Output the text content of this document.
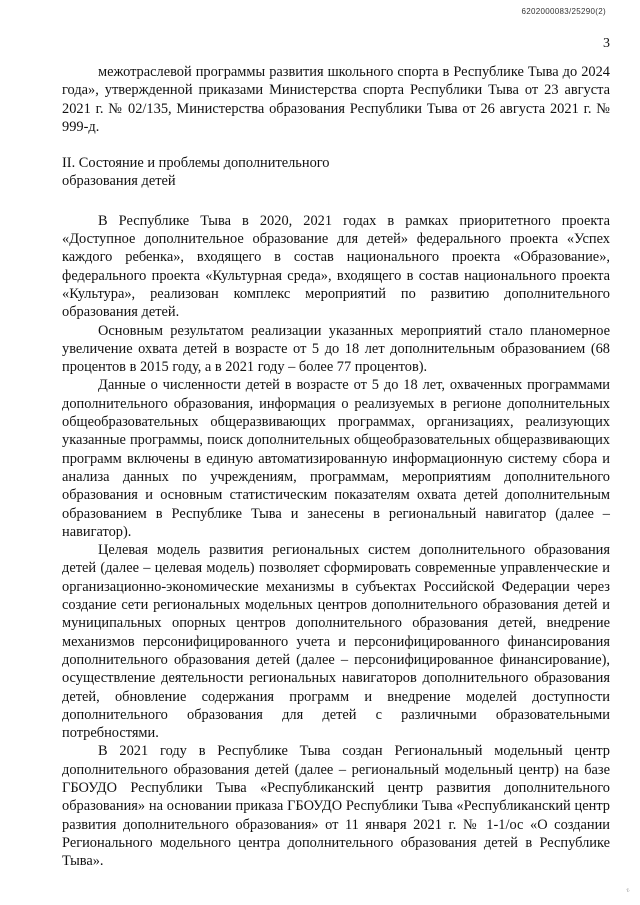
6202000083/25290(2)
3

межотраслевой программы развития школьного спорта в Республике Тыва до 2024 года», утвержденной приказами Министерства спорта Республики Тыва от 23 августа 2021 г. № 02/135, Министерства образования Республики Тыва от 26 августа 2021 г. № 999-д.

II. Состояние и проблемы дополнительного
образования детей

В Республике Тыва в 2020, 2021 годах в рамках приоритетного проекта «Доступное дополнительное образование для детей» федерального проекта «Успех каждого ребенка», входящего в состав национального проекта «Образование», федерального проекта «Культурная среда», входящего в состав национального проекта «Культура», реализован комплекс мероприятий по развитию дополнительного образования детей.

Основным результатом реализации указанных мероприятий стало планомерное увеличение охвата детей в возрасте от 5 до 18 лет дополнительным образованием (68 процентов в 2015 году, а в 2021 году – более 77 процентов).

Данные о численности детей в возрасте от 5 до 18 лет, охваченных программами дополнительного образования, информация о реализуемых в регионе дополнительных общеобразовательных общеразвивающих программах, организациях, реализующих указанные программы, поиск дополнительных общеобразовательных общеразвивающих программ включены в единую автоматизированную информационную систему сбора и анализа данных по учреждениям, программам, мероприятиям дополнительного образования и основным статистическим показателям охвата детей дополнительным образованием в Республике Тыва и занесены в региональный навигатор (далее – навигатор).

Целевая модель развития региональных систем дополнительного образования детей (далее – целевая модель) позволяет сформировать современные управленческие и организационно-экономические механизмы в субъектах Российской Федерации через создание сети региональных модельных центров дополнительного образования детей и муниципальных опорных центров дополнительного образования детей, внедрение механизмов персонифицированного учета и персонифицированного финансирования дополнительного образования детей (далее – персонифицированное финансирование), осуществление деятельности региональных навигаторов дополнительного образования детей, обновление содержания программ и внедрение моделей доступности дополнительного образования для детей с различными образовательными потребностями.

В 2021 году в Республике Тыва создан Региональный модельный центр дополнительного образования детей (далее – региональный модельный центр) на базе ГБОУДО Республики Тыва «Республиканский центр развития дополнительного образования» на основании приказа ГБОУДО Республики Тыва «Республиканский центр развития дополнительного образования» от 11 января 2021 г. № 1-1/ос «О создании Регионального модельного центра дополнительного образования детей в Республике Тыва».

ᶻ
